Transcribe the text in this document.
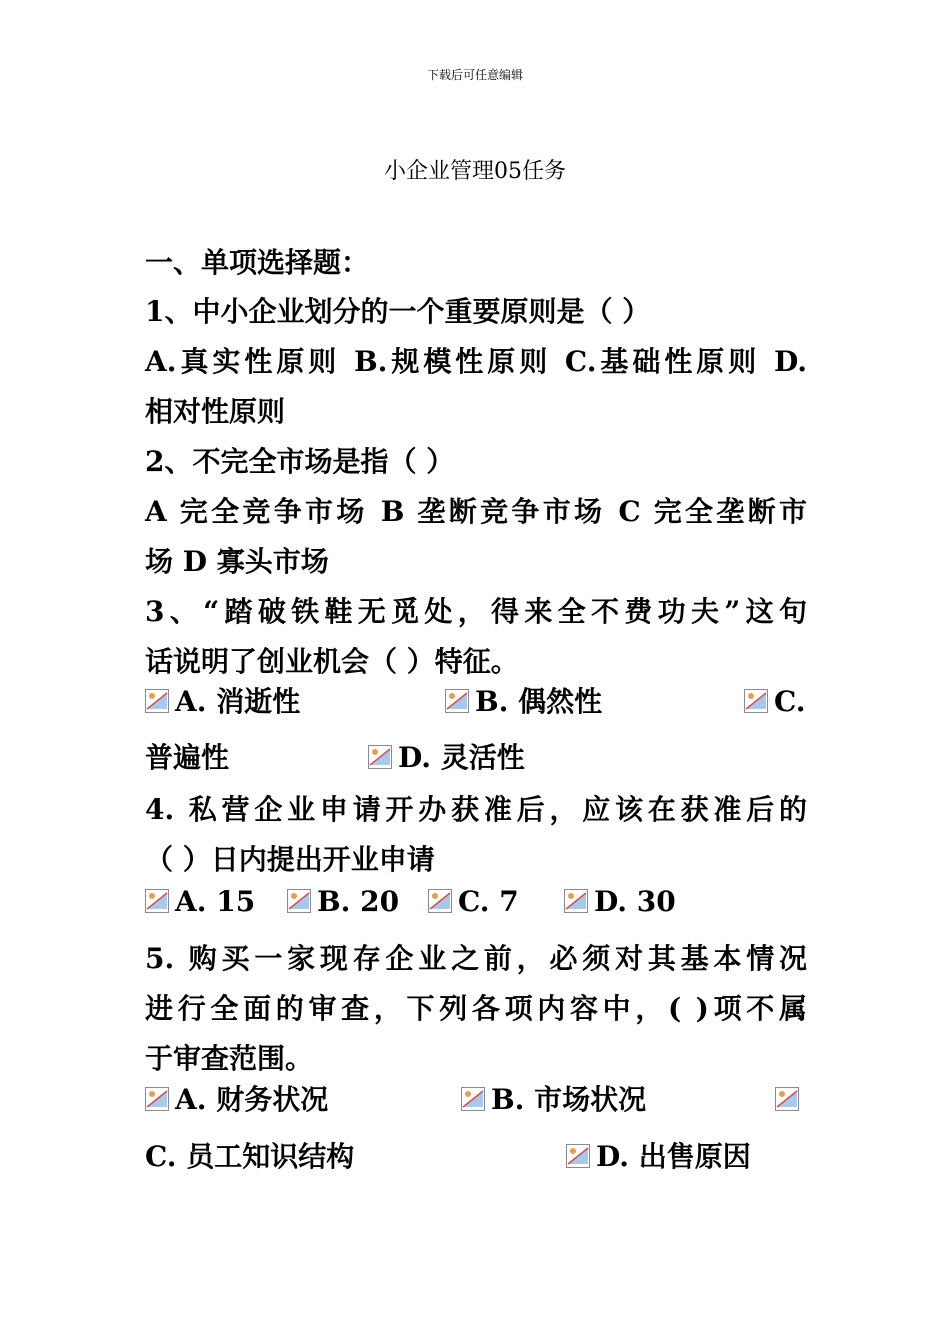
下载后可任意编辑
小企业管理05任务
一、单项选择题：
1、中小企业划分的一个重要原则是（ ）
A.真实性原则 B.规模性原则 C.基础性原则 D.
相对性原则
2、不完全市场是指（ ）
A 完全竞争市场 B 垄断竞争市场 C 完全垄断市
场 D 寡头市场
3、“踏破铁鞋无觅处，得来全不费功夫”这句
话说明了创业机会（ ）特征。
A. 消逝性	B. 偶然性	C.
普遍性	D. 灵活性
4. 私营企业申请开办获准后，应该在获准后的
（ ）日内提出开业申请
A. 15	B. 20	C. 7	D. 30
5. 购买一家现存企业之前，必须对其基本情况
进行全面的审查，下列各项内容中，( )项不属
于审查范围。
A. 财务状况	B. 市场状况
C. 员工知识结构	D. 出售原因
